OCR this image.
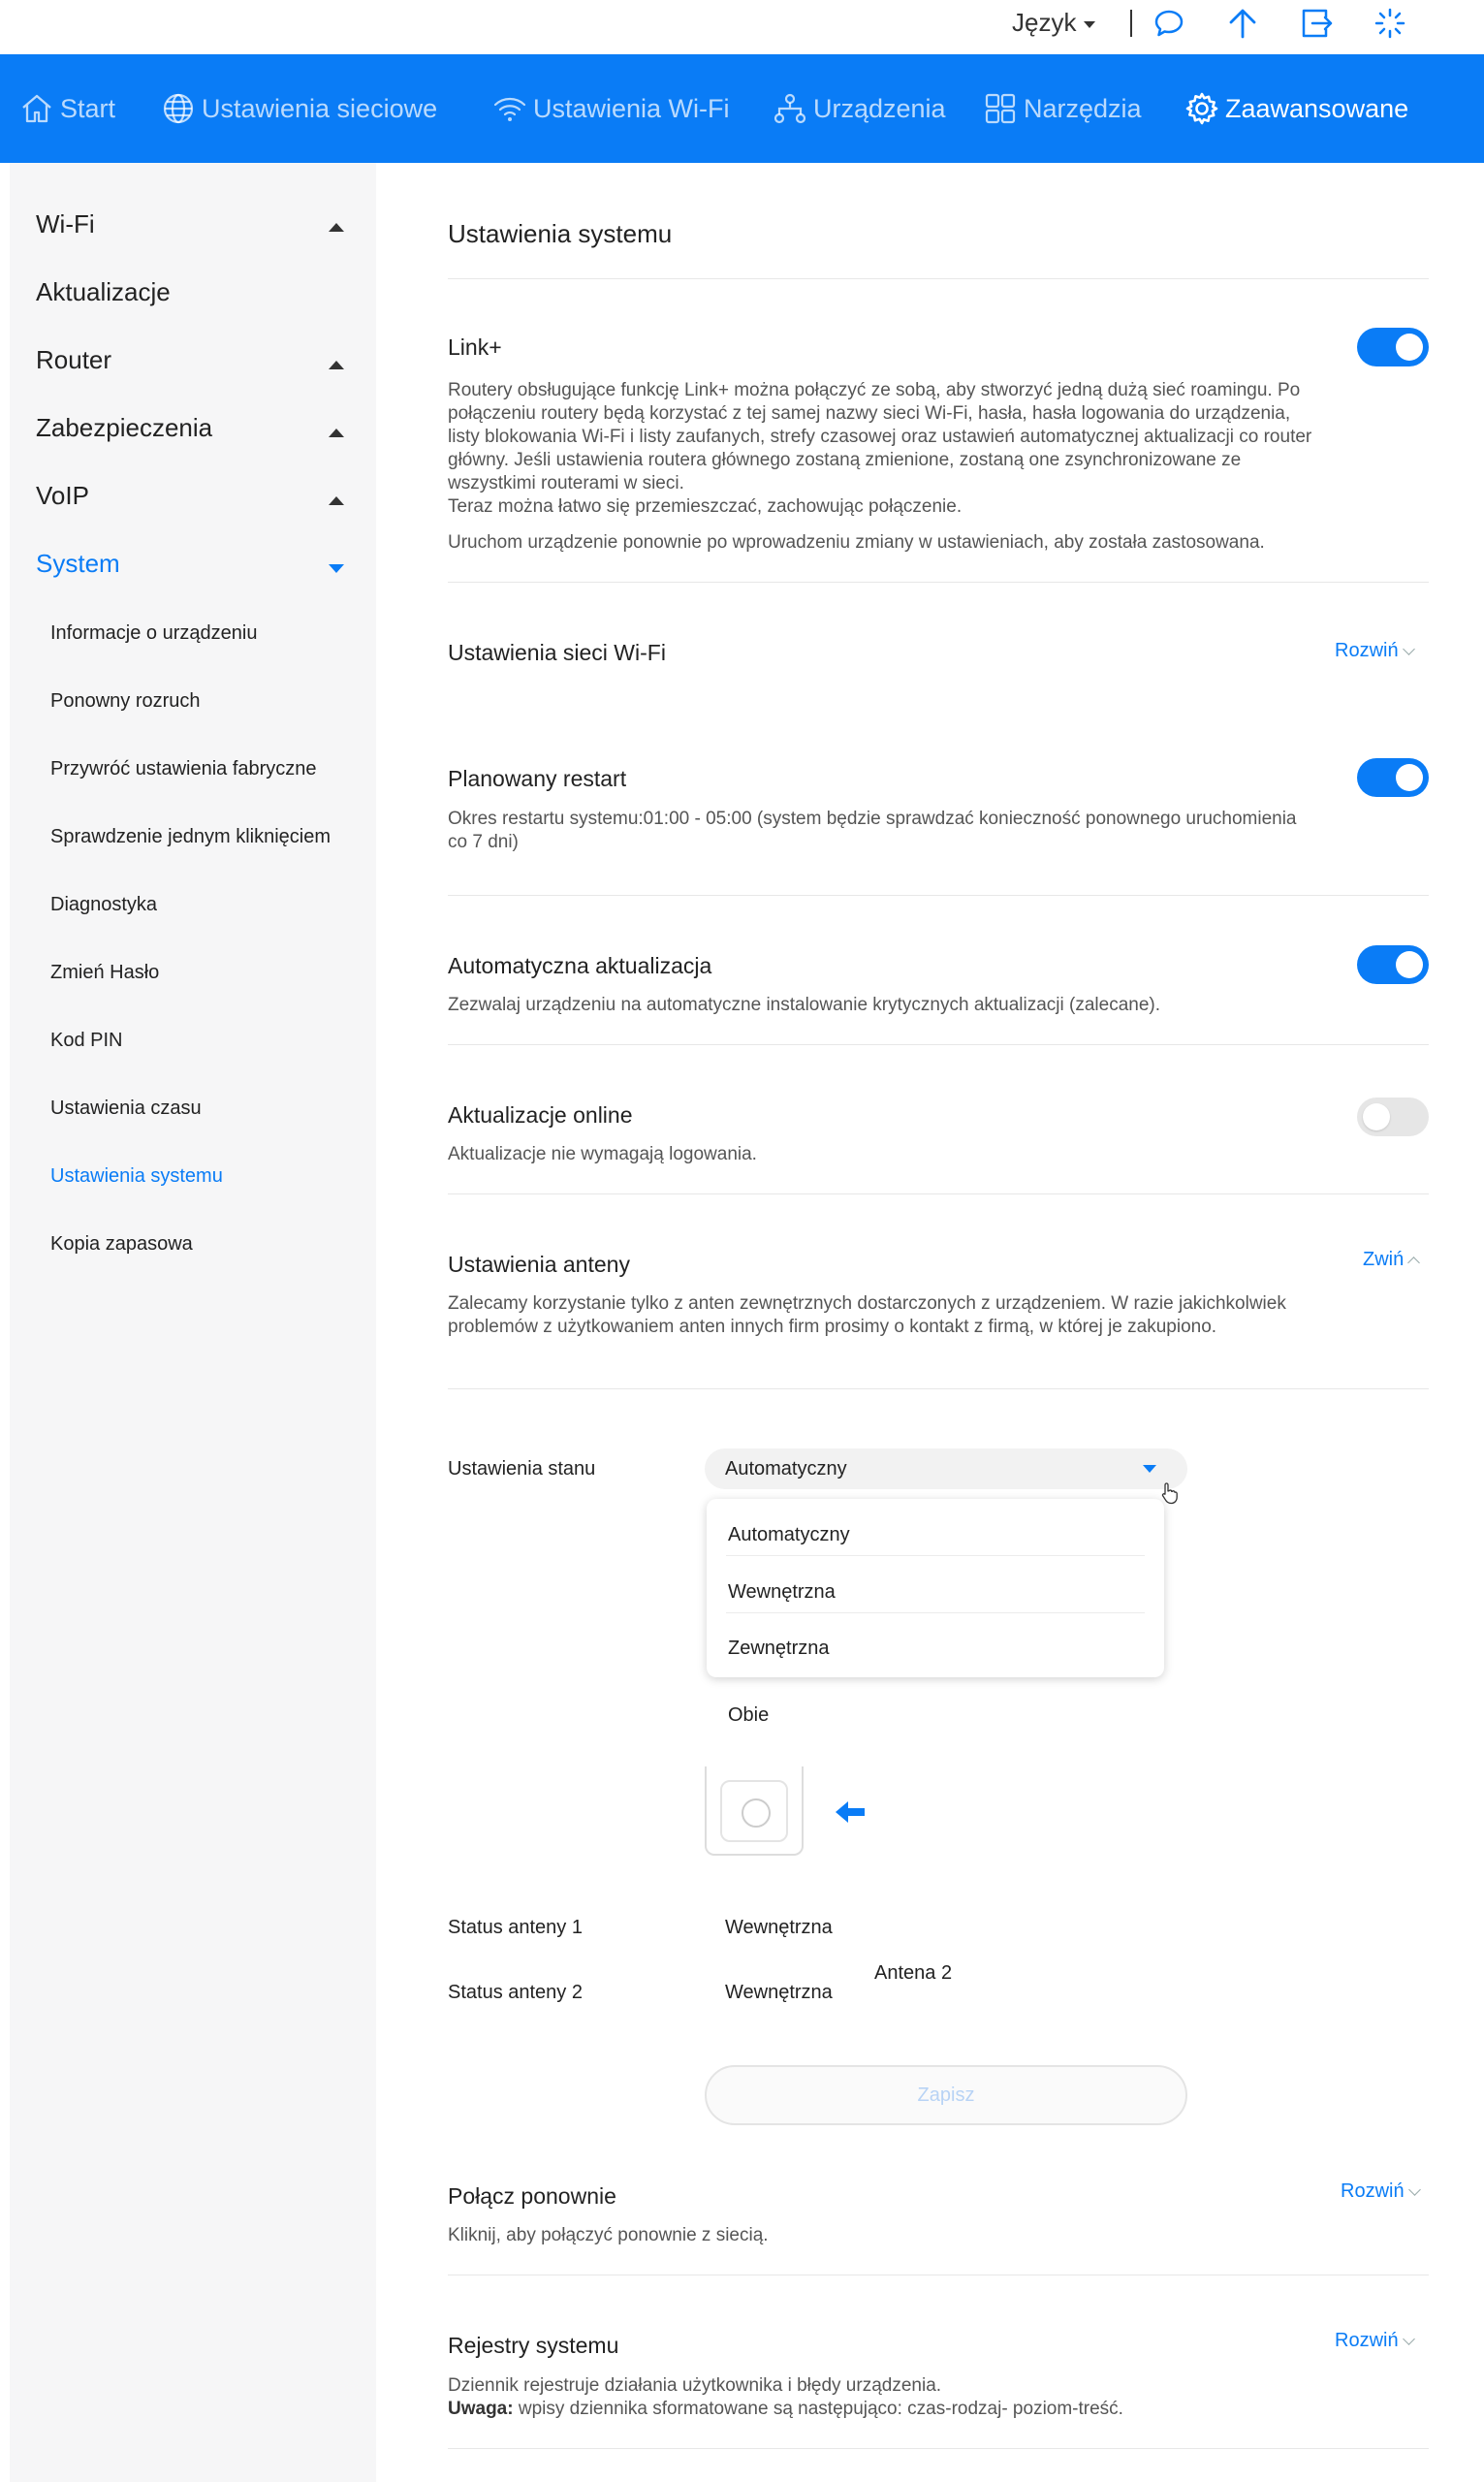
Język
Start	Ustawienia sieciowe	Ustawienia Wi-Fi	Urządzenia	Narzędzia	Zaawansowane
Wi-Fi
Aktualizacje
Router
Zabezpieczenia
VoIP
System
Informacje o urządzeniu
Ponowny rozruch
Przywróć ustawienia fabryczne
Sprawdzenie jednym kliknięciem
Diagnostyka
Zmień Hasło
Kod PIN
Ustawienia czasu
Ustawienia systemu
Kopia zapasowa
Ustawienia systemu
Link+
Routery obsługujące funkcję Link+ można połączyć ze sobą, aby stworzyć jedną dużą sieć roamingu. Po połączeniu routery będą korzystać z tej samej nazwy sieci Wi-Fi, hasła, hasła logowania do urządzenia, listy blokowania Wi-Fi i listy zaufanych, strefy czasowej oraz ustawień automatycznej aktualizacji co router główny. Jeśli ustawienia routera głównego zostaną zmienione, zostaną one zsynchronizowane ze wszystkimi routerami w sieci.
Teraz można łatwo się przemieszczać, zachowując połączenie.
Uruchom urządzenie ponownie po wprowadzeniu zmiany w ustawieniach, aby została zastosowana.
Ustawienia sieci Wi-Fi	Rozwiń
Planowany restart
Okres restartu systemu:01:00 - 05:00 (system będzie sprawdzać konieczność ponownego uruchomienia co 7 dni)
Automatyczna aktualizacja
Zezwalaj urządzeniu na automatyczne instalowanie krytycznych aktualizacji (zalecane).
Aktualizacje online
Aktualizacje nie wymagają logowania.
Ustawienia anteny	Zwiń
Zalecamy korzystanie tylko z anten zewnętrznych dostarczonych z urządzeniem. W razie jakichkolwiek problemów z użytkowaniem anten innych firm prosimy o kontakt z firmą, w której je zakupiono.
Ustawienia stanu	Automatyczny
Antena 2
Automatyczny
Wewnętrzna
Zewnętrzna
Status anteny 1	Wewnętrzna
Status anteny 2	Wewnętrzna
Zapisz
Połącz ponownie	Rozwiń
Kliknij, aby połączyć ponownie z siecią.
Rejestry systemu	Rozwiń
Dziennik rejestruje działania użytkownika i błędy urządzenia.
Uwaga: wpisy dziennika sformatowane są następująco: czas-rodzaj- poziom-treść.
Obie
